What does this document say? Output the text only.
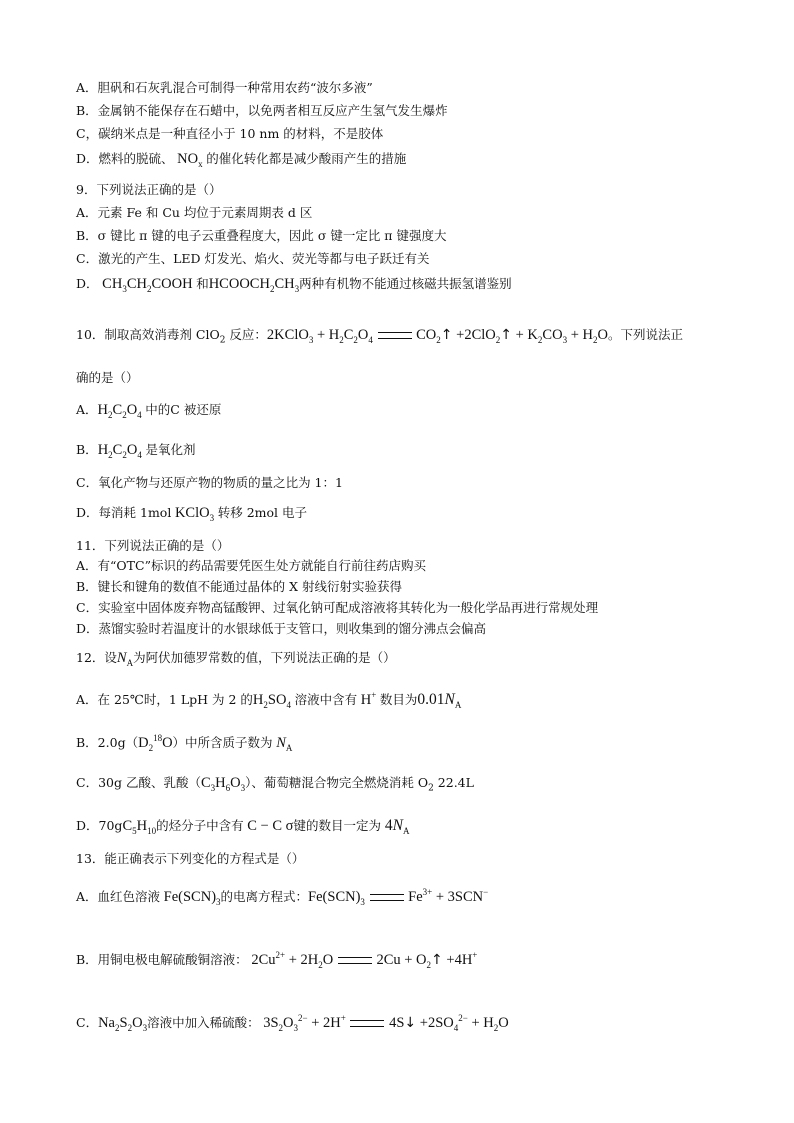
A．胆矾和石灰乳混合可制得一种常用农药“波尔多液”
B．金属钠不能保存在石蜡中，以免两者相互反应产生氢气发生爆炸
C，碳纳米点是一种直径小于 10 nm 的材料，不是胶体
D．燃料的脱硫、 $NO_x$ 的催化转化都是减少酸雨产生的措施
9．下列说法正确的是（）
A．元素 Fe 和 Cu 均位于元素周期表 d 区
B．σ 键比 π 键的电子云重叠程度大，因此 σ 键一定比 π 键强度大
C．激光的产生、LED 灯发光、焰火、荧光等都与电子跃迁有关
D． $CH_3CH_2COOH$ 和$HCOOCH_2CH_3$两种有机物不能通过核磁共振氢谱鉴别
10．制取高效消毒剂 ClO$_2$ 反应：2KClO$_3$ + $H_2C_2O_4$	$CO_2↑$ +2ClO$_2$↑ + $K_2CO_3 + H_2O$。下列说法正
确的是（）
A．$H_2C_2O_4$ 中的C 被还原
B．$H_2C_2O_4$ 是氧化剂
C．氧化产物与还原产物的物质的量之比为 1：1
D．每消耗 1mol KClO$_3$ 转移 2mol 电子
11．下列说法正确的是（）
A．有“OTC”标识的药品需要凭医生处方就能自行前往药店购买
B．键长和键角的数值不能通过晶体的 X 射线衍射实验获得
C．实验室中固体废弃物高锰酸钾、过氧化钠可配成溶液将其转化为一般化学品再进行常规处理
D．蒸馏实验时若温度计的水银球低于支管口，则收集到的馏分沸点会偏高
12．设$N_A$为阿伏加德罗常数的值，下列说法正确的是（）
A．在 25℃时，1 LpH 为 2 的$H_2SO_4$ 溶液中含有 H+ 数目为$0.01N_A$
B．$2.0g(D_2^{18}O)$中所含质子数为 $N_A$
C．30g 乙酸、乳酸$(C_3H_6O_3)$、葡萄糖混合物完全燃烧消耗 $O_2$ 22.4L
D．$70gC_5H_{10}$的烃分子中含有 C − C σ键的数目一定为 $4N_A$
13．能正确表示下列变化的方程式是（）
A．血红色溶液 $Fe(SCN)_3$的电离方程式：$Fe(SCN)_3$	$Fe^{3+} + 3SCN^-$
B．用铜电极电解硫酸铜溶液： $2Cu^{2+} + 2H_2O$  $2Cu + O_2↑ +4H^+$
C．$Na_2S_2O_3$溶液中加入稀硫酸： $3S_2O_3^{2-} + 2H^+$	4S↓ $+2SO_4^{2-} + H_2O$
